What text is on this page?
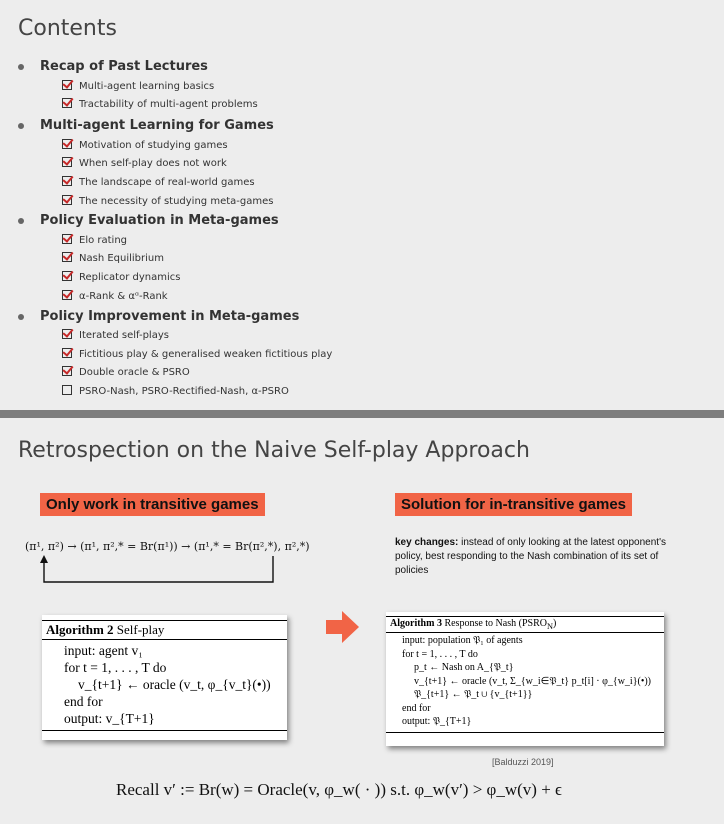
Contents
Recap of Past Lectures
Multi-agent learning basics
Tractability of multi-agent problems
Multi-agent Learning for Games
Motivation of studying games
When self-play does not work
The landscape of real-world games
The necessity of studying meta-games
Policy Evaluation in Meta-games
Elo rating
Nash Equilibrium
Replicator dynamics
α-Rank & αᵅ-Rank
Policy Improvement in Meta-games
Iterated self-plays
Fictitious play & generalised weaken fictitious play
Double oracle & PSRO
PSRO-Nash, PSRO-Rectified-Nash, α-PSRO
Retrospection on the Naive Self-play Approach
Only work in transitive games	Solution for in-transitive games
(π¹, π²) → (π¹, π²,* = Br(π¹)) → (π¹,* = Br(π²,*), π²,*)	key changes: instead of only looking at the latest opponent's policy, best responding to the Nash combination of its set of policies
Algorithm 2 Self-play
input: agent v₁
for t = 1, . . . , T do
v_{t+1} ← oracle (v_t, φ_{v_t}(•))
end for
output: v_{T+1}
Algorithm 3 Response to Nash $(PSRO_N)$
input: population 𝔓₁ of agents
for t = 1, . . . , T do
p_t ← Nash on A_{𝔓_t}
v_{t+1} ← oracle (v_t, Σ_{w_i∈𝔓_t} p_t[i] · φ_{w_i}(•))
𝔓_{t+1} ← 𝔓_t ∪ {v_{t+1}}
end for
output: 𝔓_{T+1}
[Balduzzi 2019]
Recall v′ := Br(w) = Oracle(v, φ_w( · )) s.t. φ_w(v′) > φ_w(v) + ϵ
